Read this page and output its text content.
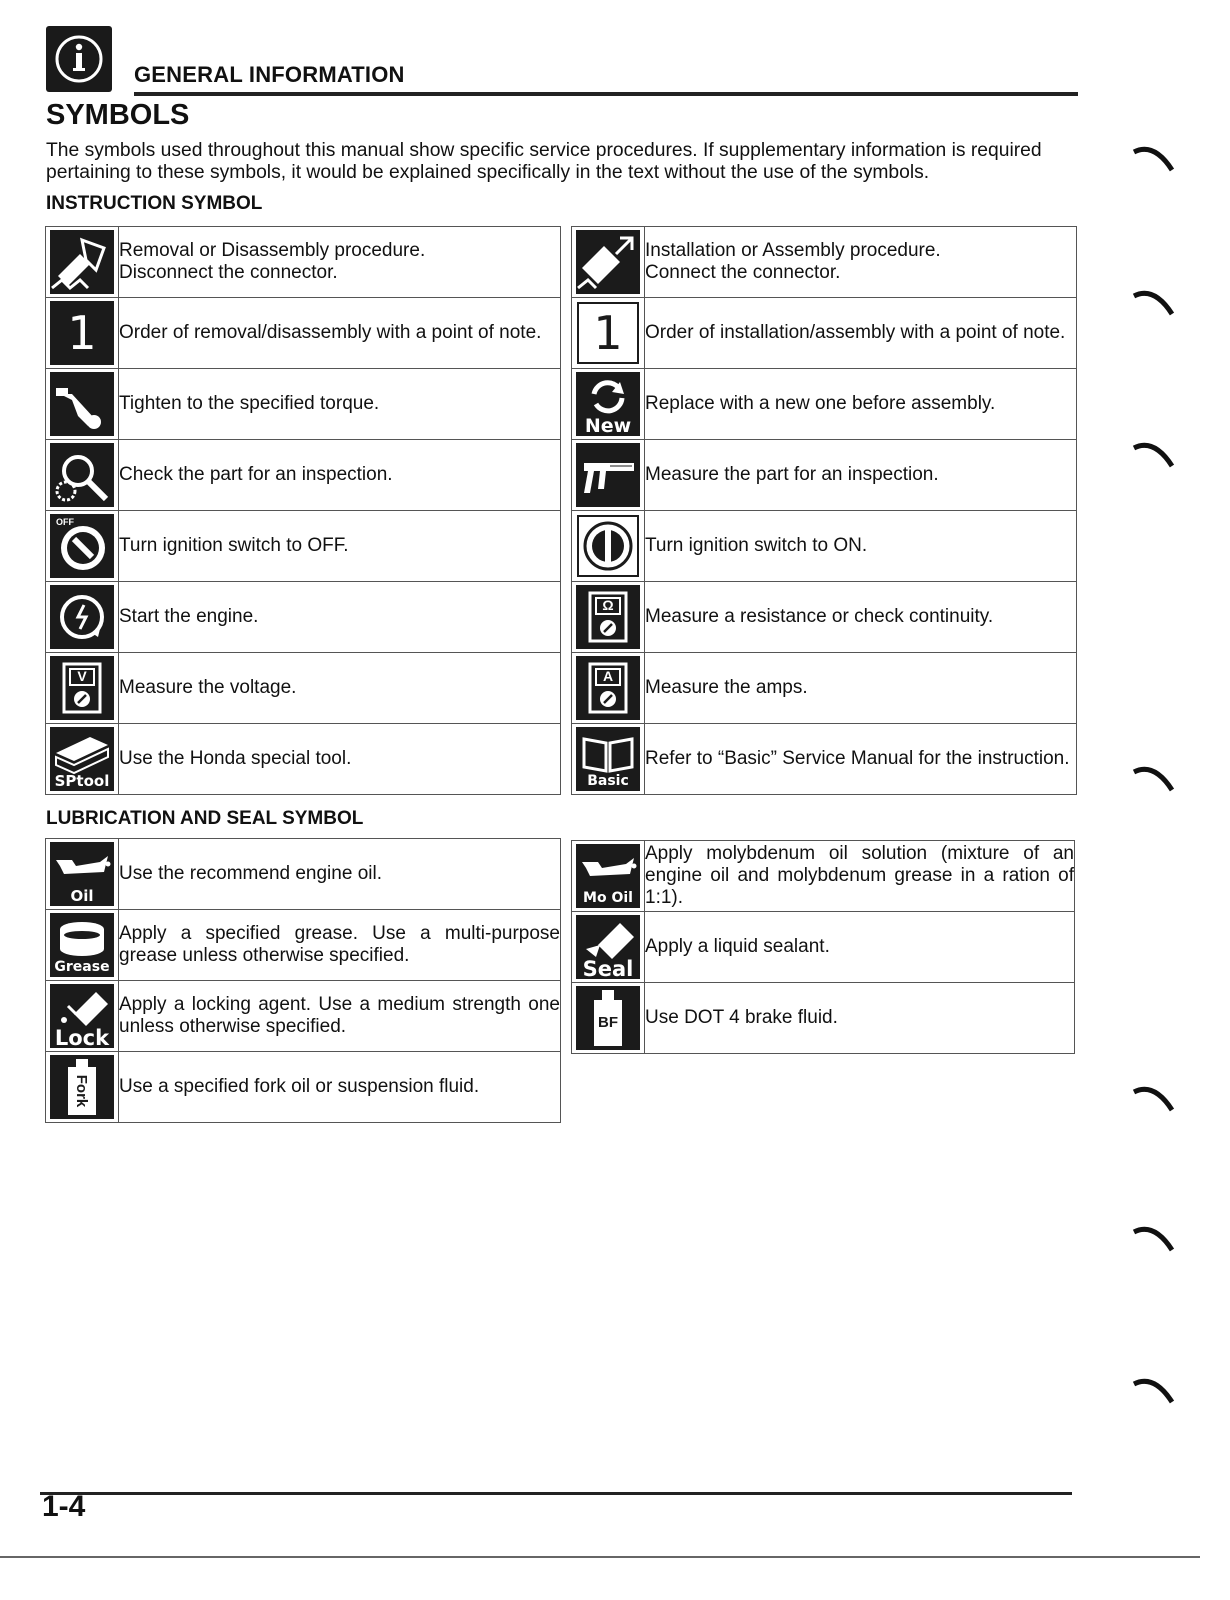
GENERAL INFORMATION
SYMBOLS
The symbols used throughout this manual show specific service procedures. If supplementary information is required pertaining to these symbols, it would be explained specifically in the text without the use of the symbols.
INSTRUCTION SYMBOL
	Removal or Disassembly procedure.
Disconnect the connector.

1	Order of removal/disassembly with a point of note.

	Tighten to the specified torque.

	Check the part for an inspection.

OFF	Turn ignition switch to OFF.

	Start the engine.

V	Measure the voltage.

SPtool	Use the Honda special tool.
	Installation or Assembly procedure.
Connect the connector.

1	Order of installation/assembly with a point of note.

New	Replace with a new one before assembly.

	Measure the part for an inspection.

	Turn ignition switch to ON.

Ω	Measure a resistance or check continuity.

A	Measure the amps.

Basic	Refer to “Basic” Service Manual for the instruction.
LUBRICATION AND SEAL SYMBOL
Oil	Use the recommend engine oil.

Grease	Apply a specified grease. Use a multi-purpose grease unless otherwise specified.

Lock	Apply a locking agent. Use a medium strength one unless otherwise specified.

Fork	Use a specified fork oil or suspension fluid.
Mo Oil	Apply molybdenum oil solution (mixture of an engine oil and molybdenum grease in a ration of 1:1).

Seal	Apply a liquid sealant.

BF	Use DOT 4 brake fluid.
1-4
